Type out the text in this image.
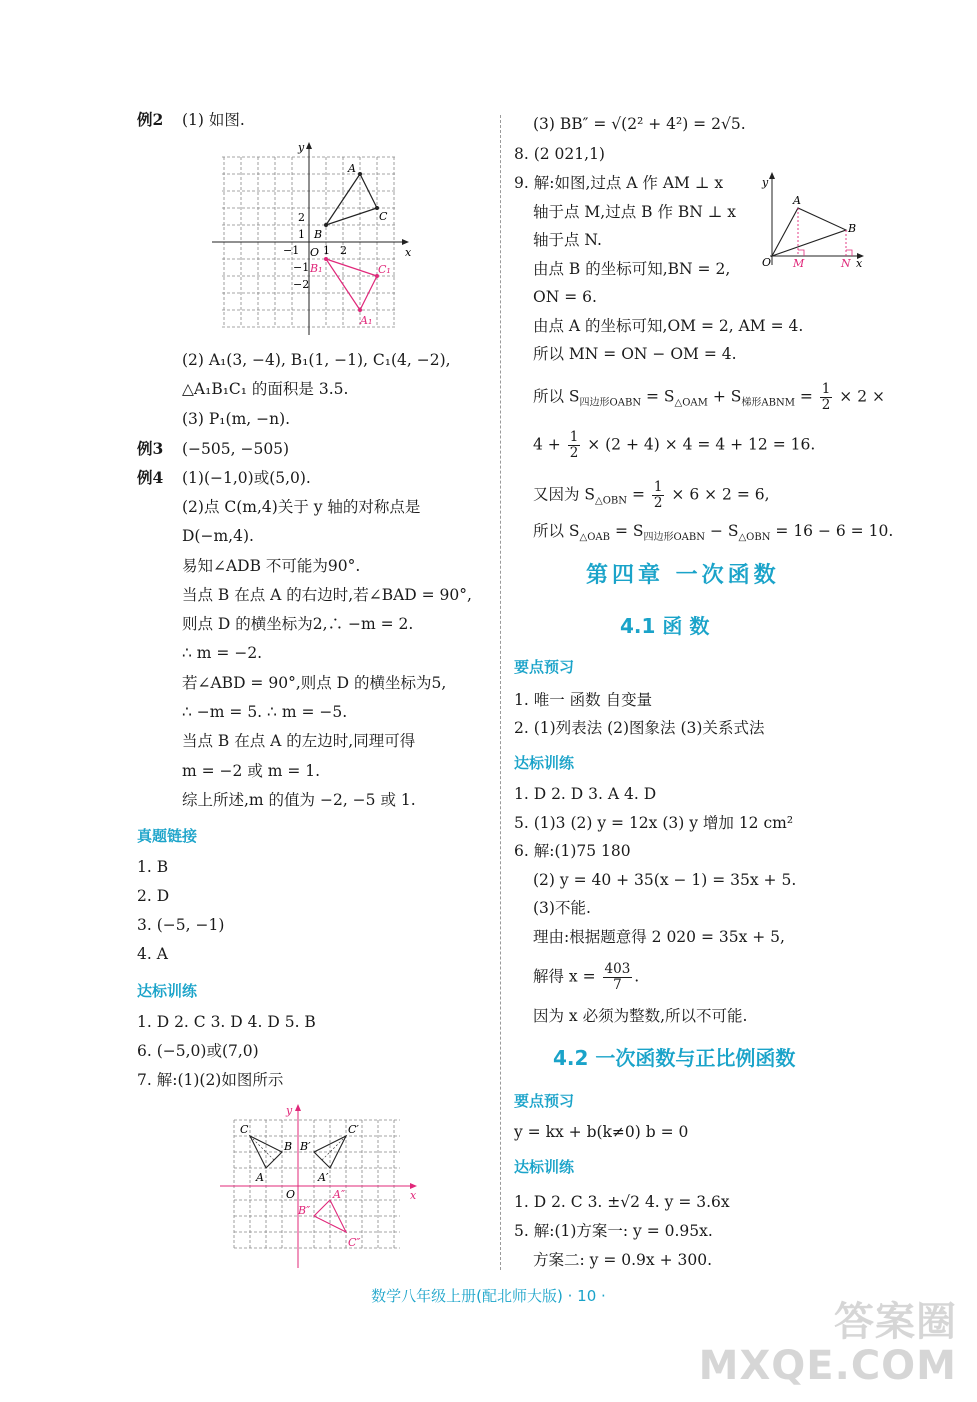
例2 (1) 如图.
x
y
O 1 2
−1
−1
−2
1
2
A
B
C
B₁	C₁
A₁
(2) A₁(3, −4), B₁(1, −1), C₁(4, −2),
△A₁B₁C₁ 的面积是 3.5.
(3) P₁(m, −n).
例3 (−505, −505)
例4 (1)(−1,0)或(5,0).
(2)点 C(m,4)关于 y 轴的对称点是
D(−m,4).
易知∠ADB 不可能为90°.
当点 B 在点 A 的右边时,若∠BAD = 90°,
则点 D 的横坐标为2,∴ −m = 2.
∴ m = −2.
若∠ABD = 90°,则点 D 的横坐标为5,
∴ −m = 5. ∴ m = −5.
当点 B 在点 A 的左边时,同理可得
m = −2 或 m = 1.
综上所述,m 的值为 −2, −5 或 1.
真题链接
1. B
2. D
3. (−5, −1)
4. A
达标训练
1. D 2. C 3. D 4. D 5. B
6. (−5,0)或(7,0)
7. 解:(1)(2)如图所示
x
y
O
C
B
A
B′
C′
A′
A″
B″
C″
(3) BB″ = √(2² + 4²) = 2√5.
8. (2 021,1)
9. 解:如图,过点 A 作 AM ⊥ x
轴于点 M,过点 B 作 BN ⊥ x
轴于点 N.
由点 B 的坐标可知,BN = 2,
ON = 6.
由点 A 的坐标可知,OM = 2, AM = 4.
所以 MN = ON − OM = 4.
x
y
A
B
O M	N
所以 $S_{四边形OABN} = S_{\triangle OAM} + S_{梯形ABNM} = \frac{1}{2} \times 2$ ×
$4 + \frac{1}{2} \times (2 + 4) \times 4 = 4 + 12 = 16$.
又因为 $S_{\triangle OBN} = \frac{1}{2} \times 6 \times 2 = 6$,
所以 $S_{\triangle OAB} = S_{四边形OABN} - S_{\triangle OBN} = 16 - 6 = 10$.
第四章 一次函数
4.1 函 数
要点预习
1. 唯一 函数 自变量
2. (1)列表法 (2)图象法 (3)关系式法
达标训练
1. D 2. D 3. A 4. D
5. (1)3 (2) y = 12x (3) y 增加 12 cm²
6. 解:(1)75 180
(2) y = 40 + 35(x − 1) = 35x + 5.
(3)不能.
理由:根据题意得 2 020 = 35x + 5,
解得 $x = \frac{403}{7}$ .
因为 x 必须为整数,所以不可能.
4.2 一次函数与正比例函数
要点预习
y = kx + b(k≠0) b = 0
达标训练
1. D 2. C 3. ±√2 4. y = 3.6x
5. 解:(1)方案一: y = 0.95x.
方案二: y = 0.9x + 300.
数学八年级上册(配北师大版) · 10 ·
答案圈
MXQE.COM
